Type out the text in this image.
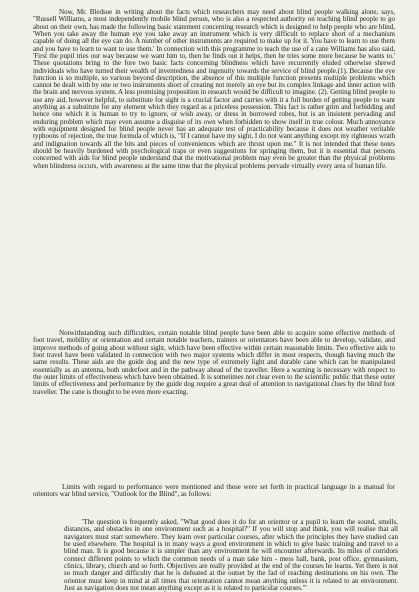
Now, Mr. Bledsoe in writing about the facts which researchers may need about blind people walking alone, says, "Russell Williams, a most independently mobile blind person, who is also a respected authority on teaching blind people to go about on their own, has made the following basic statement concerning research which is designed to help people who are blind, 'When you take away the human eye you take away an instrument which is very difficult to replace short of a mechanism capable of doing all the eye can do. A number of other instruments are required to make up for it. You have to learn to use them and you have to learn to want to use them.' In connection with this programme to teach the use of a cane Williams has also said, 'First the pupil tries our way because we want him to, then he finds out it helps, then he tries some more because he wants to.' These quotations bring to the fore two basic facts concerning blindness which have recurrently eluded otherwise shrewd individuals who have turned their wealth of inventedness and ingenuity towards the service of blind people.(1). Because the eye function is so multiple, so various beyond description, the absence of this multiple function presents multiple problems which cannot be dealt with by one or two instruments short of creating not merely an eye but its complex linkage and inner action with the brain and nervous system. A less promising proposition in research would be difficult to imagine. (2). Getting blind people to use any aid, however helpful, to substitute for sight is a crucial factor and carries with it a full burden of getting people to want anything as a substitute for any element which they regard as a priceless possession. This fact is rather grim and forbidding and hence one which it is human to try to ignore, or wish away, or dress in borrowed robes, but is an insistent pervading and enduring problem which may even assume a disguise of its own when forbidden to show itself in true colour. Much annoyance with equipment designed for blind people never has an adequate test of practicability because it does not weather veritable typhoons of rejection, the true formula of which is, "If I cannot have my sight, I do not want anything except my righteous wrath and indignation towards all the bits and pieces of conveniences which are thrust upon me." It is not intended that these notes should be heavily burdened with psychological traps or even suggestions for springing them, but it is essential that persons concerned with aids for blind people understand that the motivational problem may even be greater than the physical problems when blindness occurs, with awareness at the same time that the physical problems pervade virtually every area of human life.

Notwithstanding such difficulties, certain notable blind people have been able to acquire some effective methods of foot travel, mobility or orientation and certain notable teachers, trainers or orientators have been able to develop, validate, and improve methods of going about without sight, which have been effective within certain reasonable limits. Two effective aids to foot travel have been validated in connection with two major systems which differ in most respects, though having much the same results. These aids are the guide dog and the new type of extremely light and durable cane which can be manipulated essentially as an antenna, both underfoot and in the pathway ahead of the traveller. Here a warning is necessary with respect to the outer limits of effectiveness which have been obtained. It is sometimes not clear even to the scientific public that these outer limits of effectiveness and performance by the guide dog require a great deal of attention to navigational clues by the blind foot traveller. The cane is thought to be even more exacting.

Limits with regard to performance were mentioned and these were set forth in practical language in a manual for orientors war blind service, "Outlook for the Blind", as follows:

'The question is frequently asked, "What good does it do for an orientor or a pupil to learn the sound, smells, distances, and obstacles in one environment such as a hospital?" If you will stop and think, you will realise that all navigators must start somewhere. They learn over particular courses, after which the principles they have studied can be used elsewhere. The hospital is in many ways a good environment in which to give basic training and travel to a blind man. It is good because it is simpler than any environment he will encounter afterwards. Its miles of corridors connect different points to which the common needs of a man take him - mess hall, bank, post office, gymnasium, clinics, library, church and so forth. Objectives are really provided at the end of the courses he learns. Yet there is not so much danger and difficulty that he is defeated at the outset by the fad of reaching destinations on his own. The orientor must keep in mind at all times that orientation cannot mean anything unless it is related to an environment. Just as navigation does not mean anything except as it is related to particular courses.'"
